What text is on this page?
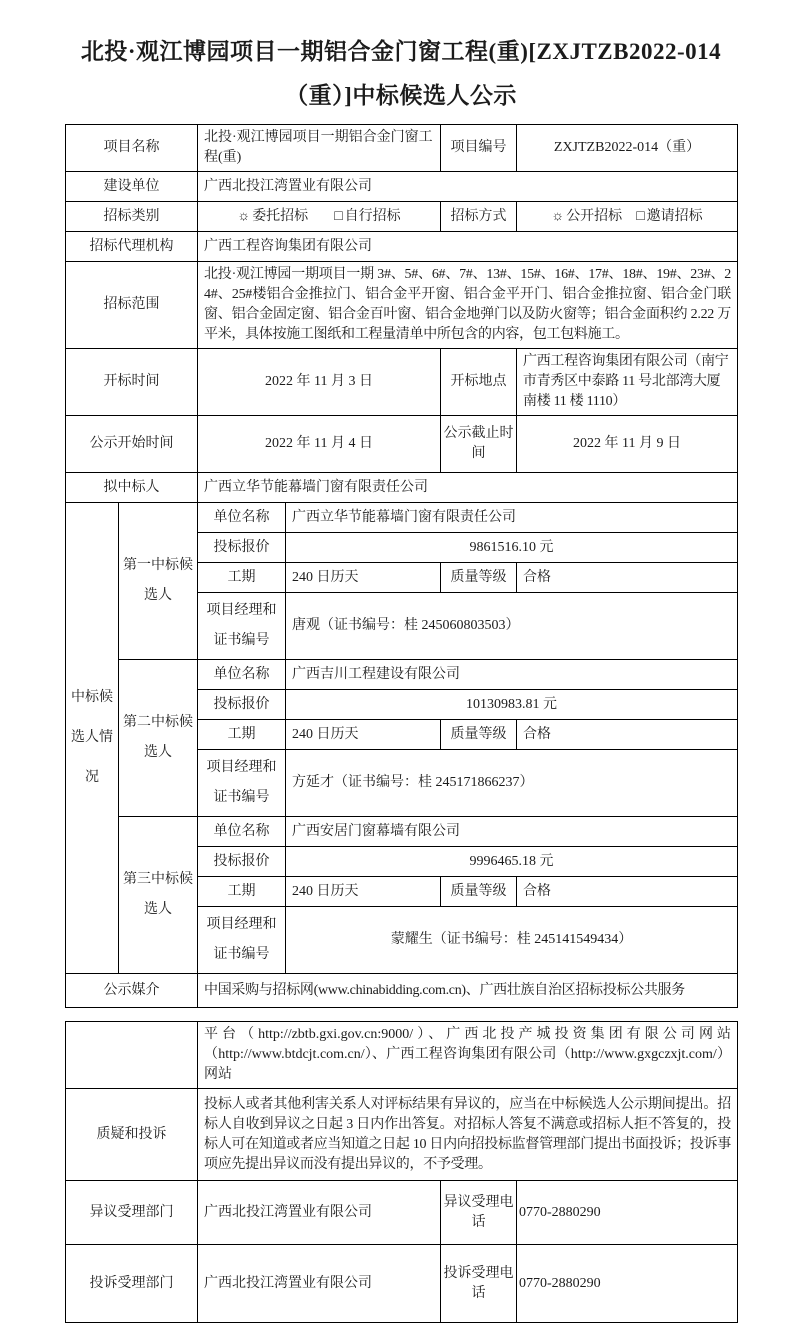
北投·观江博园项目一期铝合金门窗工程(重)[ZXJTZB2022-014
（重）]中标候选人公示
项目名称		北投·观江博园项目一期铝合金门窗工程(重)		项目编号	ZXJTZB2022-014（重）
建设单位		广西北投江湾置业有限公司			
招标类别		☼ 委托招标 □ 自行招标		招标方式	☼ 公开招标 □ 邀请招标
招标代理机构		广西工程咨询集团有限公司			
招标范围		北投·观江博园一期项目一期 3#、5#、6#、7#、13#、15#、16#、17#、18#、19#、23#、24#、25#楼铝合金推拉门、铝合金平开窗、铝合金平开门、铝合金推拉窗、铝合金门联窗、铝合金固定窗、铝合金百叶窗、铝合金地弹门以及防火窗等；铝合金面积约 2.22 万平米，具体按施工图纸和工程量清单中所包含的内容，包工包料施工。			
开标时间		2022 年 11 月 3 日		开标地点	广西工程咨询集团有限公司（南宁市青秀区中泰路 11 号北部湾大厦南楼 11 楼 1110）
公示开始时间		2022 年 11 月 4 日		公示截止时间	2022 年 11 月 9 日
拟中标人		广西立华节能幕墙门窗有限责任公司			
中标候选人情况	第一中标候选人	单位名称	广西立华节能幕墙门窗有限责任公司		
		投标报价	9861516.10 元		
		工期	240 日历天	质量等级	合格
		项目经理和证书编号	唐观（证书编号：桂 245060803503）		
	第二中标候选人	单位名称	广西吉川工程建设有限公司		
		投标报价	10130983.81 元		
		工期	240 日历天	质量等级	合格
		项目经理和证书编号	方延才（证书编号：桂 245171866237）		
	第三中标候选人	单位名称	广西安居门窗幕墙有限公司		
		投标报价	9996465.18 元		
		工期	240 日历天	质量等级	合格
		项目经理和证书编号	蒙耀生（证书编号：桂 245141549434）		
公示媒介		中国采购与招标网(www.chinabidding.com.cn)、广西壮族自治区招标投标公共服务			
	平台（http://zbtb.gxi.gov.cn:9000/）、广西北投产城投资集团有限公司网站（http://www.btdcjt.com.cn/）、广西工程咨询集团有限公司（http://www.gxgczxjt.com/）网站		
质疑和投诉	投标人或者其他利害关系人对评标结果有异议的，应当在中标候选人公示期间提出。招标人自收到异议之日起 3 日内作出答复。对招标人答复不满意或招标人拒不答复的，投标人可在知道或者应当知道之日起 10 日内向招投标监督管理部门提出书面投诉；投诉事项应先提出异议而没有提出异议的，不予受理。		
异议受理部门	广西北投江湾置业有限公司	异议受理电话	0770-2880290
投诉受理部门	广西北投江湾置业有限公司	投诉受理电话	0770-2880290
